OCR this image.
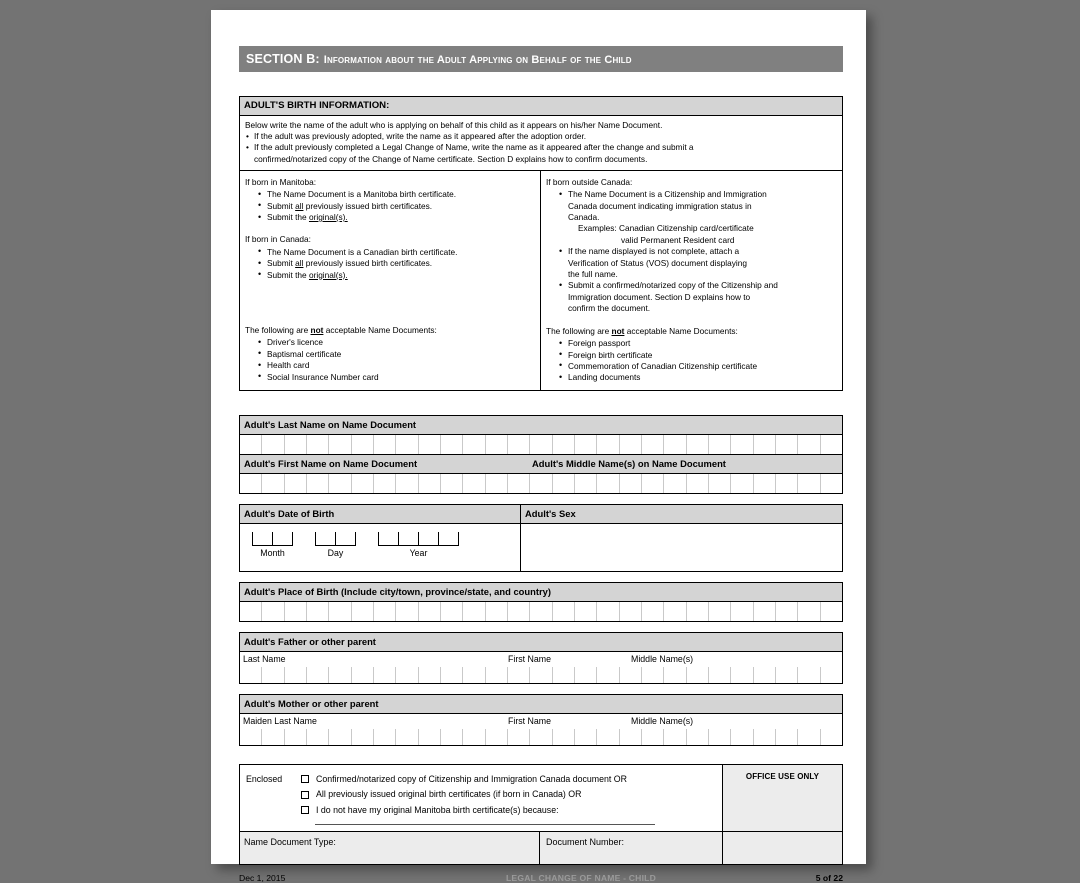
SECTION B: Information about the Adult Applying on Behalf of the Child
ADULT'S BIRTH INFORMATION:
Below write the name of the adult who is applying on behalf of this child as it appears on his/her Name Document.
• If the adult was previously adopted, write the name as it appeared after the adoption order.
• If the adult previously completed a Legal Change of Name, write the name as it appeared after the change and submit a
confirmed/notarized copy of the Change of Name certificate. Section D explains how to confirm documents.
If born in Manitoba:
• The Name Document is a Manitoba birth certificate.
• Submit all previously issued birth certificates.
• Submit the original(s).
If born in Canada:
• The Name Document is a Canadian birth certificate.
• Submit all previously issued birth certificates.
• Submit the original(s).
The following are not acceptable Name Documents:
• Driver's licence
• Baptismal certificate
• Health card
• Social Insurance Number card
If born outside Canada:
• The Name Document is a Citizenship and Immigration
Canada document indicating immigration status in
Canada.
Examples: Canadian Citizenship card/certificate
valid Permanent Resident card
• If the name displayed is not complete, attach a
Verification of Status (VOS) document displaying
the full name.
• Submit a confirmed/notarized copy of the Citizenship and
Immigration document. Section D explains how to
confirm the document.
The following are not acceptable Name Documents:
• Foreign passport
• Foreign birth certificate
• Commemoration of Canadian Citizenship certificate
• Landing documents
Adult's Last Name on Name Document
Adult's First Name on Name Document	Adult's Middle Name(s) on Name Document
Adult's Date of Birth
Month	Day	Year
Adult's Sex
Adult's Place of Birth (Include city/town, province/state, and country)
Adult's Father or other parent
Last Name	First Name	Middle Name(s)
Adult's Mother or other parent
Maiden Last Name	First Name	Middle Name(s)
Enclosed	Confirmed/notarized copy of Citizenship and Immigration Canada document OR
All previously issued original birth certificates (if born in Canada) OR
I do not have my original Manitoba birth certificate(s) because:
OFFICE USE ONLY
Name Document Type:	Document Number:
Dec 1, 2015	LEGAL CHANGE OF NAME - CHILD	5 of 22
